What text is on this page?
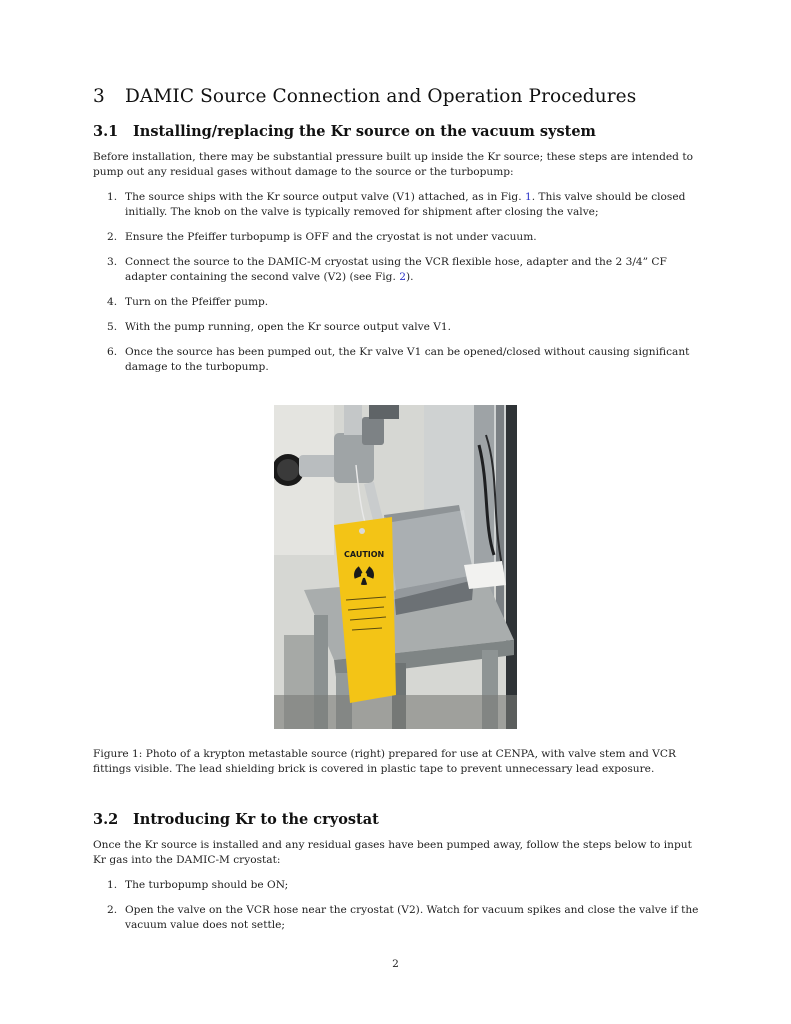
3 DAMIC Source Connection and Operation Procedures
3.1 Installing/replacing the Kr source on the vacuum system

Before installation, there may be substantial pressure built up inside the Kr source; these steps are intended to pump out any residual gases without damage to the source or the turbopump:

1. The source ships with the Kr source output valve (V1) attached, as in Fig. 1. This valve should be closed initially. The knob on the valve is typically removed for shipment after closing the valve;
2. Ensure the Pfeiffer turbopump is OFF and the cryostat is not under vacuum.
3. Connect the source to the DAMIC-M cryostat using the VCR flexible hose, adapter and the 2 3/4” CF adapter containing the second valve (V2) (see Fig. 2).
4. Turn on the Pfeiffer pump.
5. With the pump running, open the Kr source output valve V1.
6. Once the source has been pumped out, the Kr valve V1 can be opened/closed without causing significant damage to the turbopump.
CAUTION

Figure 1: Photo of a krypton metastable source (right) prepared for use at CENPA, with valve stem and VCR fittings visible. The lead shielding brick is covered in plastic tape to prevent unnecessary lead exposure.

3.2 Introducing Kr to the cryostat

Once the Kr source is installed and any residual gases have been pumped away, follow the steps below to input Kr gas into the DAMIC-M cryostat:

1. The turbopump should be ON;
2. Open the valve on the VCR hose near the cryostat (V2). Watch for vacuum spikes and close the valve if the vacuum value does not settle;
2
